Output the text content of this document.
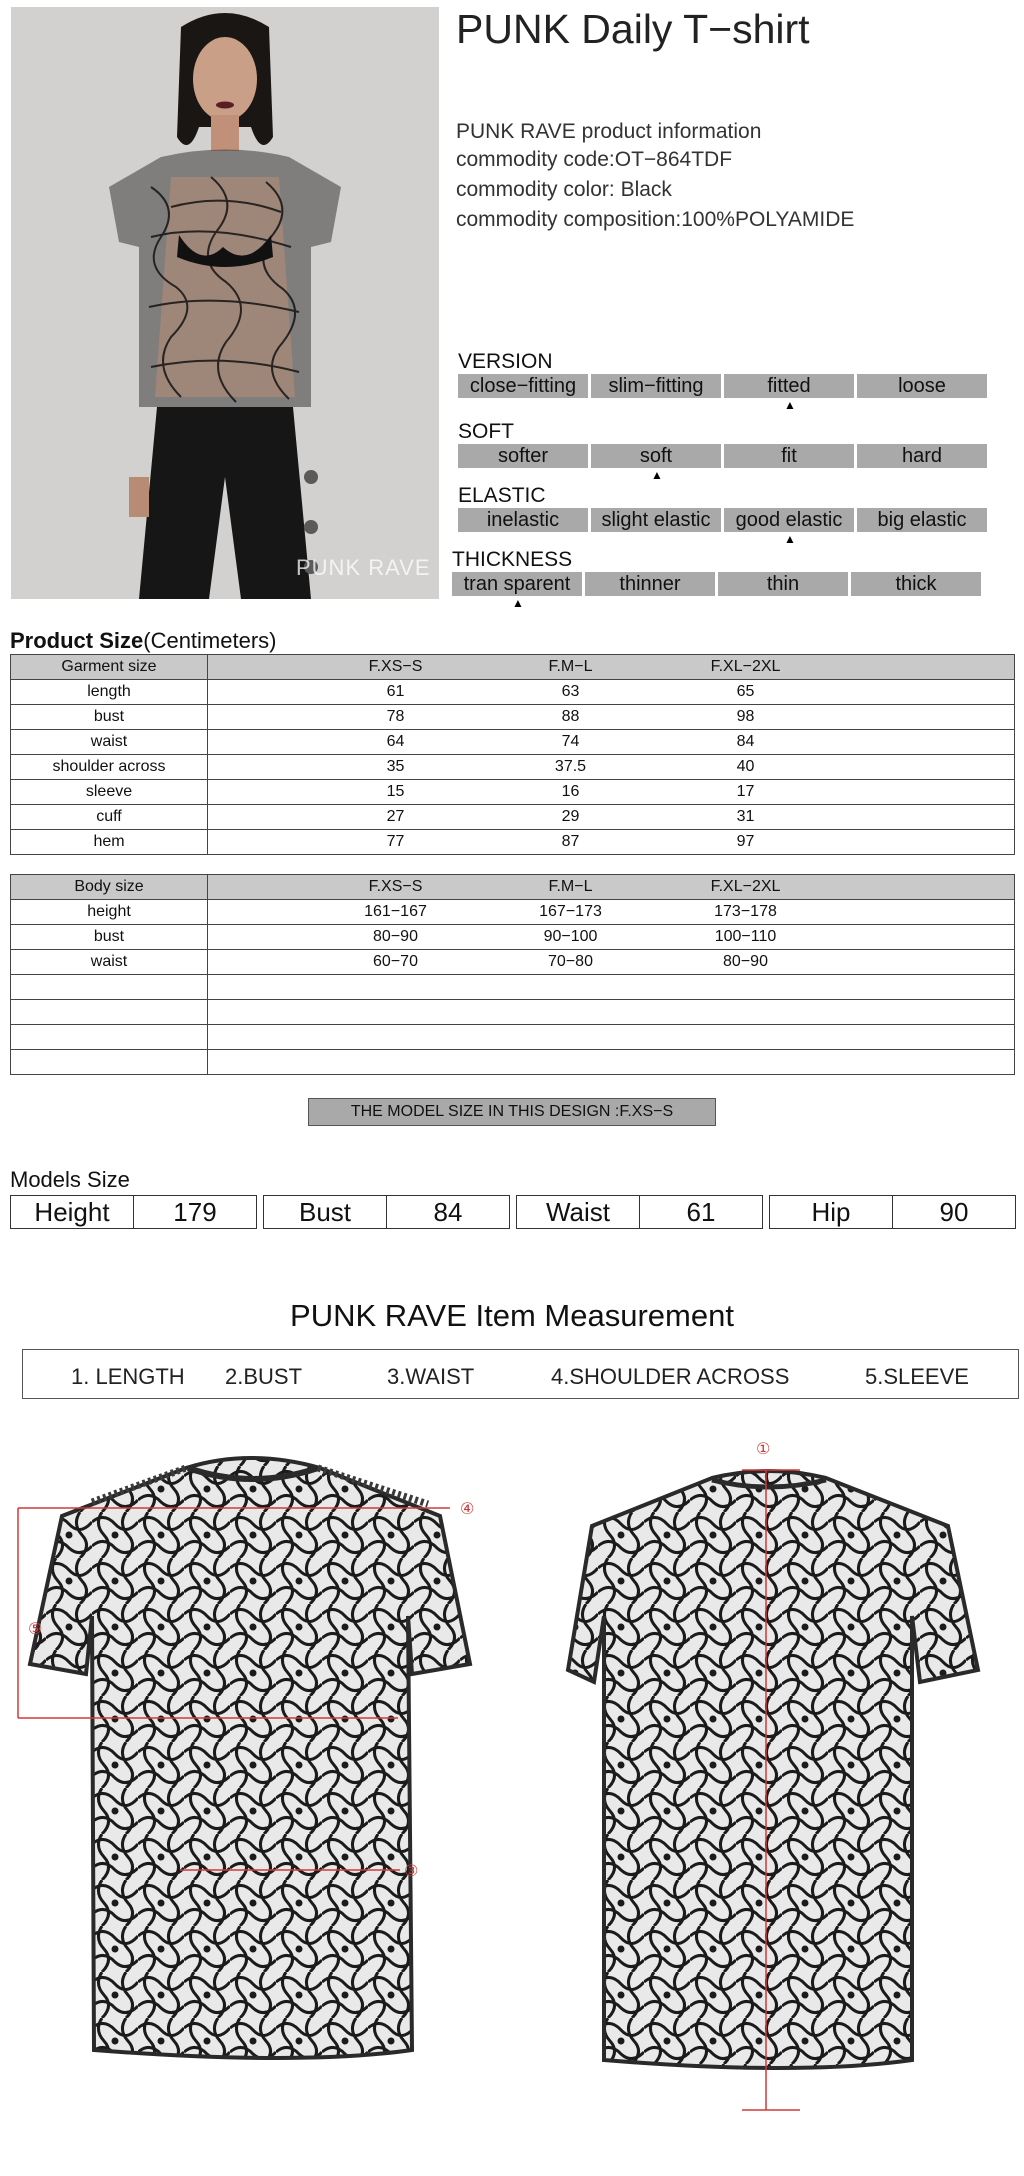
PUNK RAVE
PUNK Daily T−shirt
PUNK RAVE product information
commodity code:OT−864TDF
commodity color: Black
commodity composition:100%POLYAMIDE
VERSION
close−fitting	slim−fitting	fitted	loose
▲
SOFT
softer	soft	fit	hard
▲
ELASTIC
inelastic	slight elastic	good elastic	big elastic
▲
THICKNESS
tran sparent	thinner	thin	thick
▲
Product Size(Centimeters)
Garment size	F.XS−S F.M−L F.XL−2XL

length	61 63 65

bust	78 88 98

waist	64 74 84

shoulder across	35 37.5 40

sleeve	15 16 17

cuff	27 29 31

hem	77 87 97
Body size	F.XS−S F.M−L F.XL−2XL

height	161−167 167−173 173−178

bust	80−90 90−100 100−110

waist	60−70 70−80 80−90

THE MODEL SIZE IN THIS DESIGN :F.XS−S
Models Size
Height	179	Bust	84	Waist	61	Hip	90
PUNK RAVE Item Measurement
1. LENGTH 2.BUST	3.WAIST	4.SHOULDER ACROSS	5.SLEEVE
④
⑤
③
①
